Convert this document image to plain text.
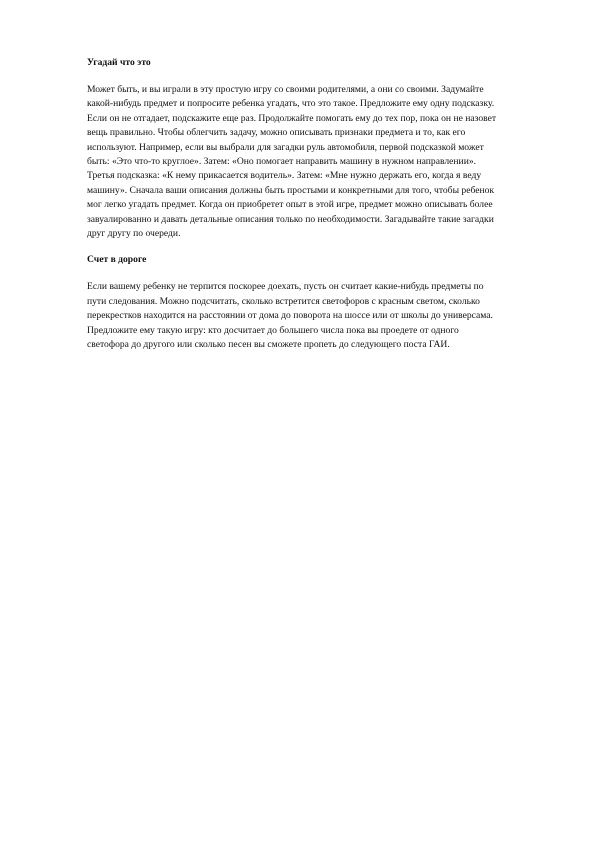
Угадай что это

Может быть, и вы играли в эту простую игру со своими родителями, а они со своими. Задумайте какой-нибудь предмет и попросите ребенка угадать, что это такое. Предложите ему одну подсказку. Если он не отгадает, подскажите еще раз. Продолжайте помогать ему до тех пор, пока он не назовет вещь правильно. Чтобы облегчить задачу, можно описывать признаки предмета и то, как его используют. Например, если вы выбрали для загадки руль автомобиля, первой подсказкой может быть: «Это что-то круглое». Затем: «Оно помогает направить машину в нужном направлении». Третья подсказка: «К нему прикасается водитель». Затем: «Мне нужно держать его, когда я веду машину». Сначала ваши описания должны быть простыми и конкретными для того, чтобы ребенок мог легко угадать предмет. Когда он приобретет опыт в этой игре, предмет можно описывать более завуалированно и давать детальные описания только по необходимости. Загадывайте такие загадки друг другу по очереди.

Счет в дороге

Если вашему ребенку не терпится поскорее доехать, пусть он считает какие-нибудь предметы по пути следования. Можно подсчитать, сколько встретится светофоров с красным светом, сколько перекрестков находится на расстоянии от дома до поворота на шоссе или от школы до универсама. Предложите ему такую игру: кто досчитает до большего числа пока вы проедете от одного светофора до другого или сколько песен вы сможете пропеть до следующего поста ГАИ.
